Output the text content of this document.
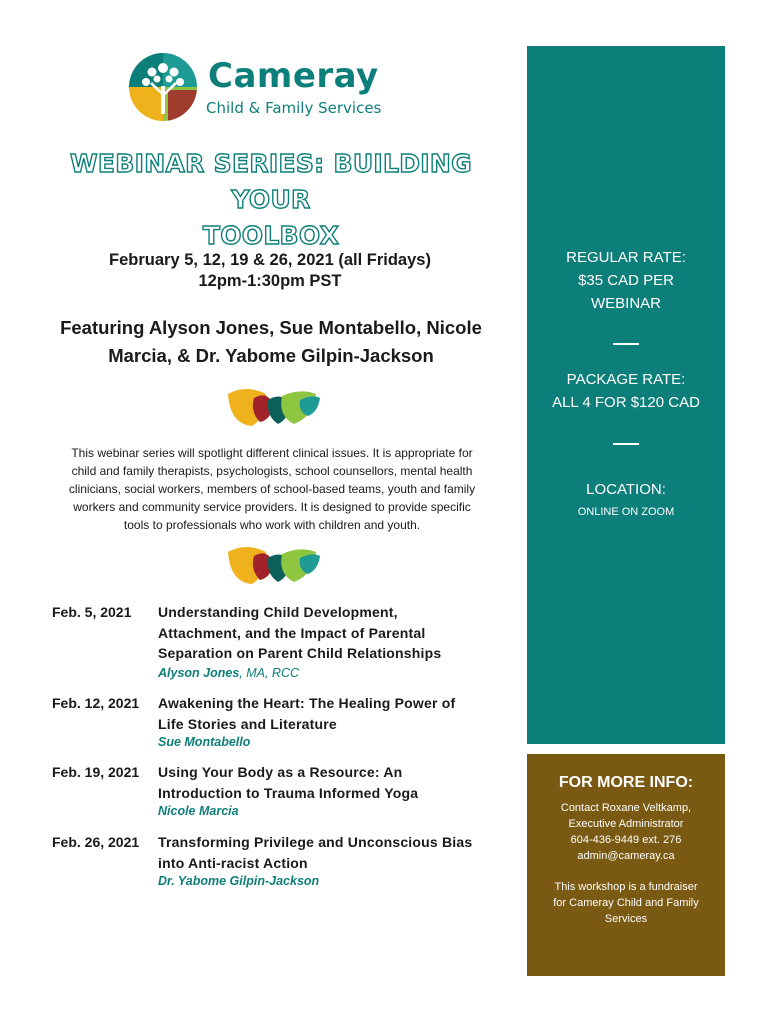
Cameray
Child & Family Services
WEBINAR SERIES: BUILDING YOUR
TOOLBOX
February 5, 12, 19 & 26, 2021 (all Fridays)
12pm-1:30pm PST
Featuring Alyson Jones, Sue Montabello, Nicole
Marcia, & Dr. Yabome Gilpin-Jackson
This webinar series will spotlight different clinical issues. It is appropriate for
child and family therapists, psychologists, school counsellors, mental health
clinicians, social workers, members of school-based teams, youth and family
workers and community service providers. It is designed to provide specific
tools to professionals who work with children and youth.
Feb. 5, 2021 Understanding Child Development,
Attachment, and the Impact of Parental
Separation on Parent Child Relationships
Alyson Jones, MA, RCC
Feb. 12, 2021 Awakening the Heart: The Healing Power of
Life Stories and Literature
Sue Montabello
Feb. 19, 2021 Using Your Body as a Resource: An
Introduction to Trauma Informed Yoga
Nicole Marcia
Feb. 26, 2021 Transforming Privilege and Unconscious Bias
into Anti-racist Action
Dr. Yabome Gilpin-Jackson
REGULAR RATE:
$35 CAD PER
WEBINAR
PACKAGE RATE:
ALL 4 FOR $120 CAD
LOCATION:
ONLINE ON ZOOM
FOR MORE INFO:
Contact Roxane Veltkamp,
Executive Administrator
604-436-9449 ext. 276
admin@cameray.ca
This workshop is a fundraiser
for Cameray Child and Family
Services
